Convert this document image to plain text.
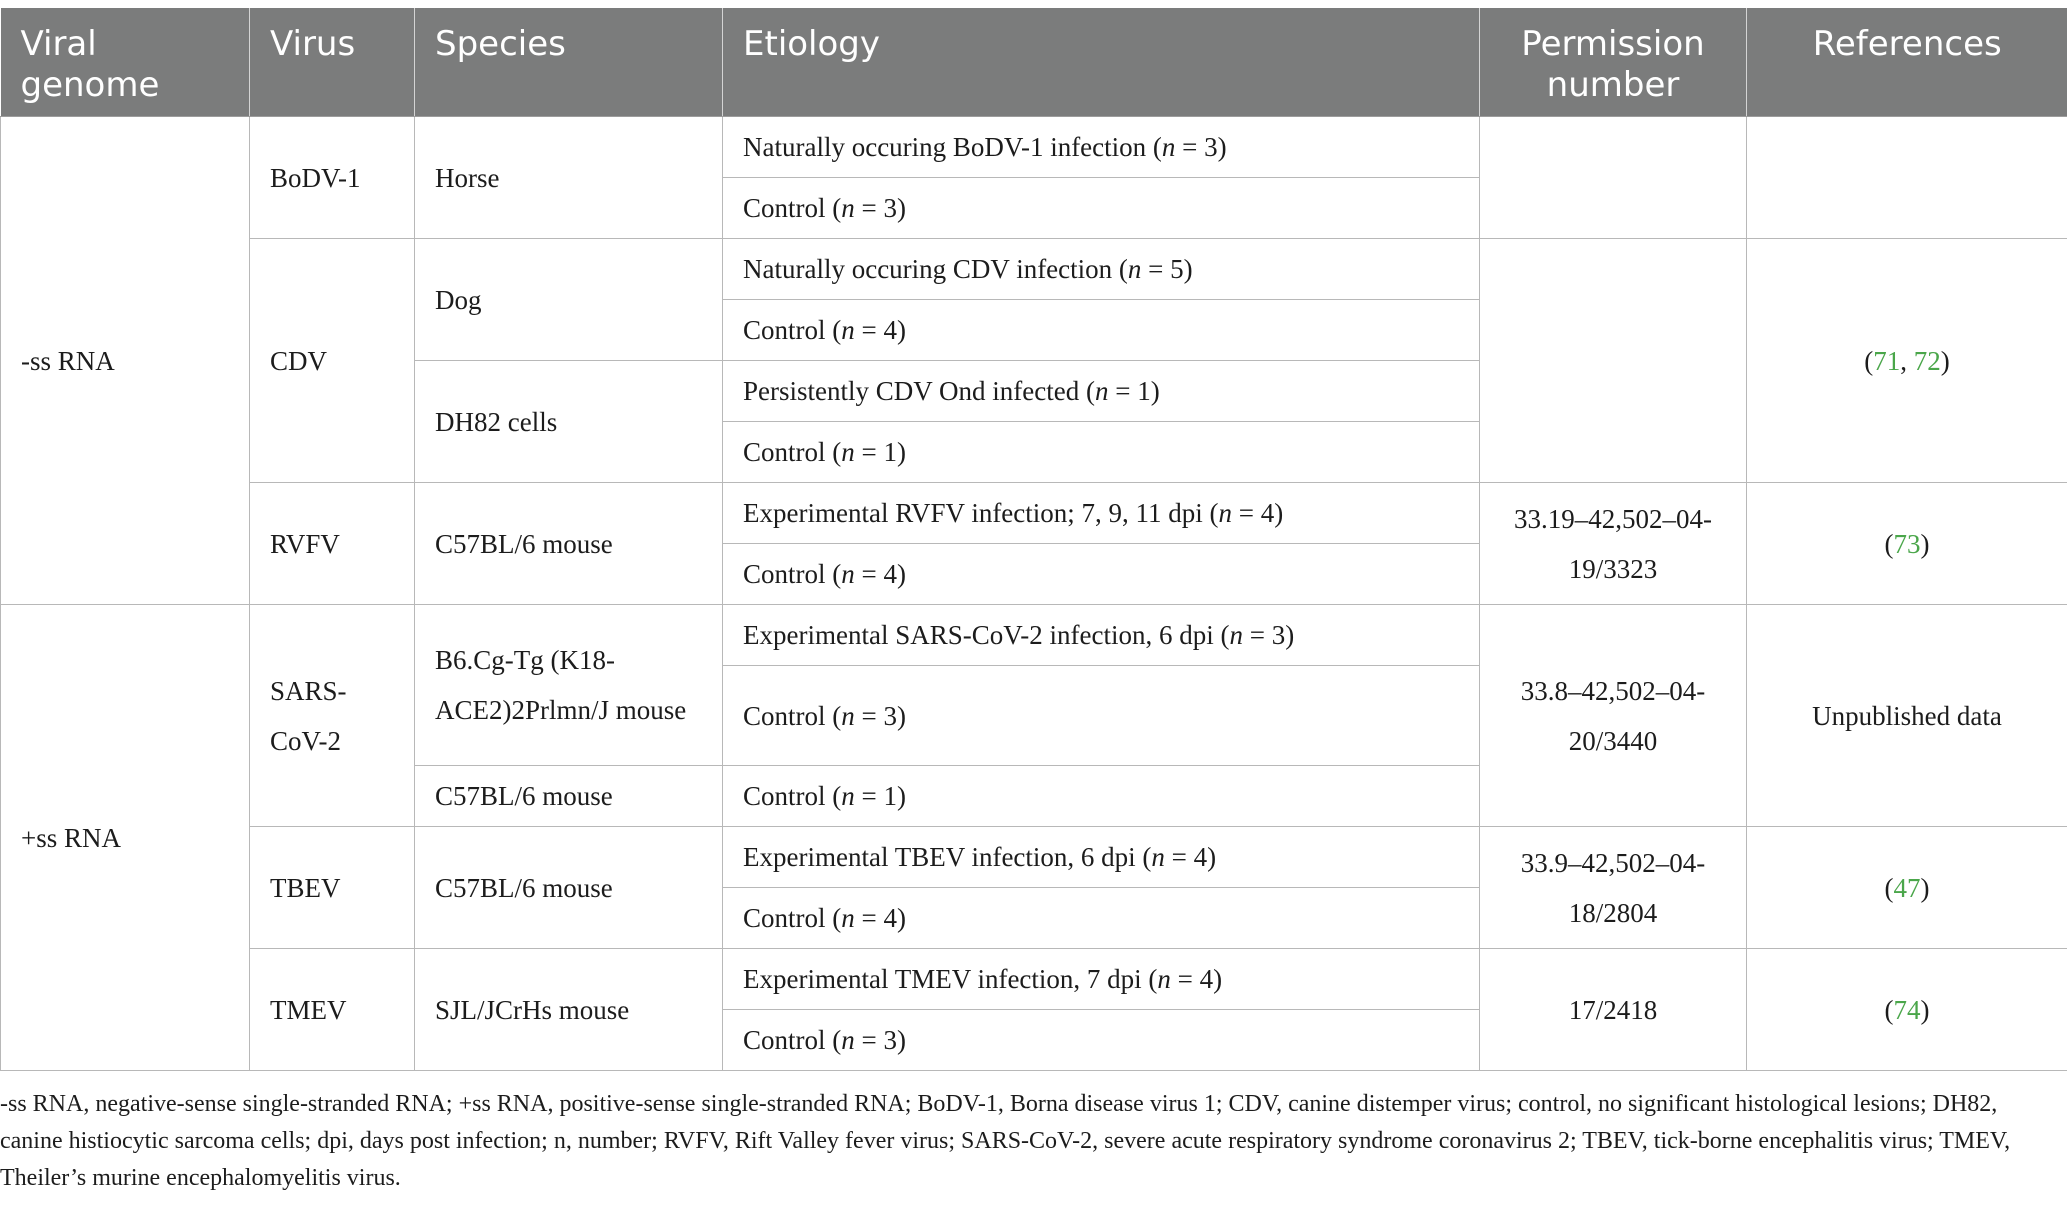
Viral genome	Virus	Species	Etiology	Permission number	References
-ss RNA	BoDV-1	Horse	Naturally occuring BoDV-1 infection (n = 3)		
			Control (n = 3)		
	CDV	Dog	Naturally occuring CDV infection (n = 5)		(71, 72)
			Control (n = 4)		
		DH82 cells	Persistently CDV Ond infected (n = 1)		
			Control (n = 1)		
	RVFV	C57BL/6 mouse	Experimental RVFV infection; 7, 9, 11 dpi (n = 4)	33.19–42,502–04-19/3323	(73)
			Control (n = 4)		
+ss RNA	SARS-CoV-2	B6.Cg-Tg (K18-ACE2)2Prlmn/J mouse	Experimental SARS-CoV-2 infection, 6 dpi (n = 3)	33.8–42,502–04-20/3440	Unpublished data
			Control (n = 3)		
		C57BL/6 mouse	Control (n = 1)		
	TBEV	C57BL/6 mouse	Experimental TBEV infection, 6 dpi (n = 4)	33.9–42,502–04-18/2804	(47)
			Control (n = 4)		
	TMEV	SJL/JCrHs mouse	Experimental TMEV infection, 7 dpi (n = 4)	17/2418	(74)
			Control (n = 3)		
-ss RNA, negative-sense single-stranded RNA; +ss RNA, positive-sense single-stranded RNA; BoDV-1, Borna disease virus 1; CDV, canine distemper virus; control, no significant histological lesions; DH82, canine histiocytic sarcoma cells; dpi, days post infection; n, number; RVFV, Rift Valley fever virus; SARS-CoV-2, severe acute respiratory syndrome coronavirus 2; TBEV, tick-borne encephalitis virus; TMEV, Theiler’s murine encephalomyelitis virus.
